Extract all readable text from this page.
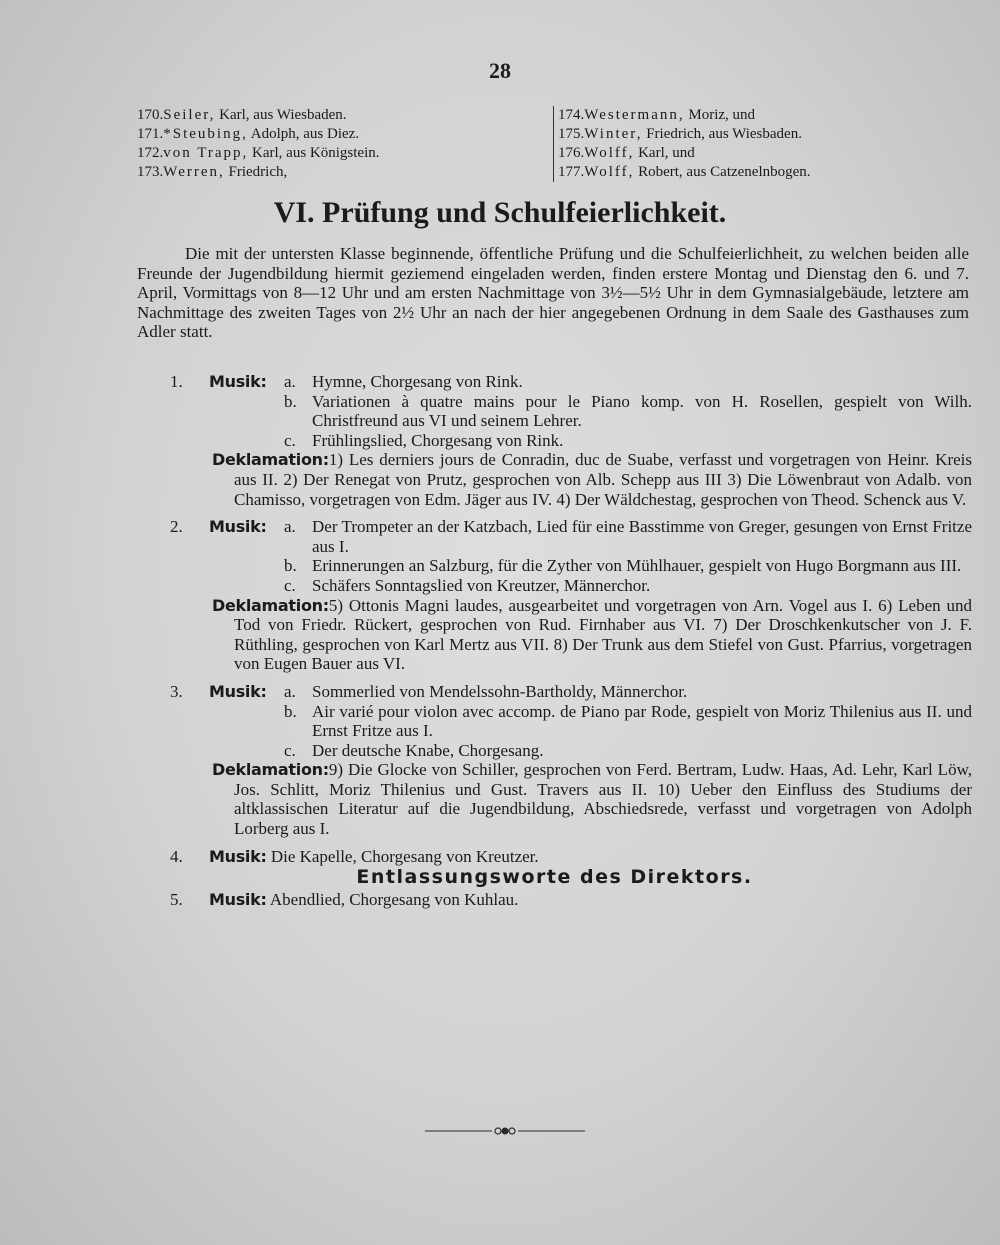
28
170.Seiler, Karl, aus Wiesbaden.
171.*Steubing, Adolph, aus Diez.
172.von Trapp, Karl, aus Königstein.
173.Werren, Friedrich,
174.Westermann, Moriz, und
175.Winter, Friedrich, aus Wiesbaden.
176.Wolff, Karl, und
177.Wolff, Robert, aus Catzenelnbogen.
VI. Prüfung und Schulfeierlichkeit.
Die mit der untersten Klasse beginnende, öffentliche Prüfung und die Schulfeierlichheit, zu welchen beiden alle Freunde der Jugendbildung hiermit geziemend eingeladen werden, finden erstere Montag und Dienstag den 6. und 7. April, Vormittags von 8—12 Uhr und am ersten Nachmittage von 3½—5½ Uhr in dem Gymnasialgebäude, letztere am Nachmittage des zweiten Tages von 2½ Uhr an nach der hier angegebenen Ordnung in dem Saale des Gasthauses zum Adler statt.
1. Musik: a. Hymne, Chorgesang von Rink.
b. Variationen à quatre mains pour le Piano komp. von H. Rosellen, gespielt von Wilh. Christfreund aus VI und seinem Lehrer.
c. Frühlingslied, Chorgesang von Rink.
Deklamation:1) Les derniers jours de Conradin, duc de Suabe, verfasst und vorgetragen von Heinr. Kreis aus II. 2) Der Renegat von Prutz, gesprochen von Alb. Schepp aus III 3) Die Löwenbraut von Adalb. von Chamisso, vorgetragen von Edm. Jäger aus IV. 4) Der Wäldchestag, gesprochen von Theod. Schenck aus V.
2. Musik: a. Der Trompeter an der Katzbach, Lied für eine Basstimme von Greger, gesungen von Ernst Fritze aus I.
b. Erinnerungen an Salzburg, für die Zyther von Mühlhauer, gespielt von Hugo Borgmann aus III.
c. Schäfers Sonntagslied von Kreutzer, Männerchor.
Deklamation:5) Ottonis Magni laudes, ausgearbeitet und vorgetragen von Arn. Vogel aus I. 6) Leben und Tod von Friedr. Rückert, gesprochen von Rud. Firnhaber aus VI. 7) Der Droschkenkutscher von J. F. Rüthling, gesprochen von Karl Mertz aus VII. 8) Der Trunk aus dem Stiefel von Gust. Pfarrius, vorgetragen von Eugen Bauer aus VI.
3. Musik: a. Sommerlied von Mendelssohn-Bartholdy, Männerchor.
b. Air varié pour violon avec accomp. de Piano par Rode, gespielt von Moriz Thilenius aus II. und Ernst Fritze aus I.
c. Der deutsche Knabe, Chorgesang.
Deklamation:9) Die Glocke von Schiller, gesprochen von Ferd. Bertram, Ludw. Haas, Ad. Lehr, Karl Löw, Jos. Schlitt, Moriz Thilenius und Gust. Travers aus II. 10) Ueber den Einfluss des Studiums der altklassischen Literatur auf die Jugendbildung, Abschiedsrede, verfasst und vorgetragen von Adolph Lorberg aus I.
4.	Musik: Die Kapelle, Chorgesang von Kreutzer.
Entlassungsworte des Direktors.
5.	Musik: Abendlied, Chorgesang von Kuhlau.
